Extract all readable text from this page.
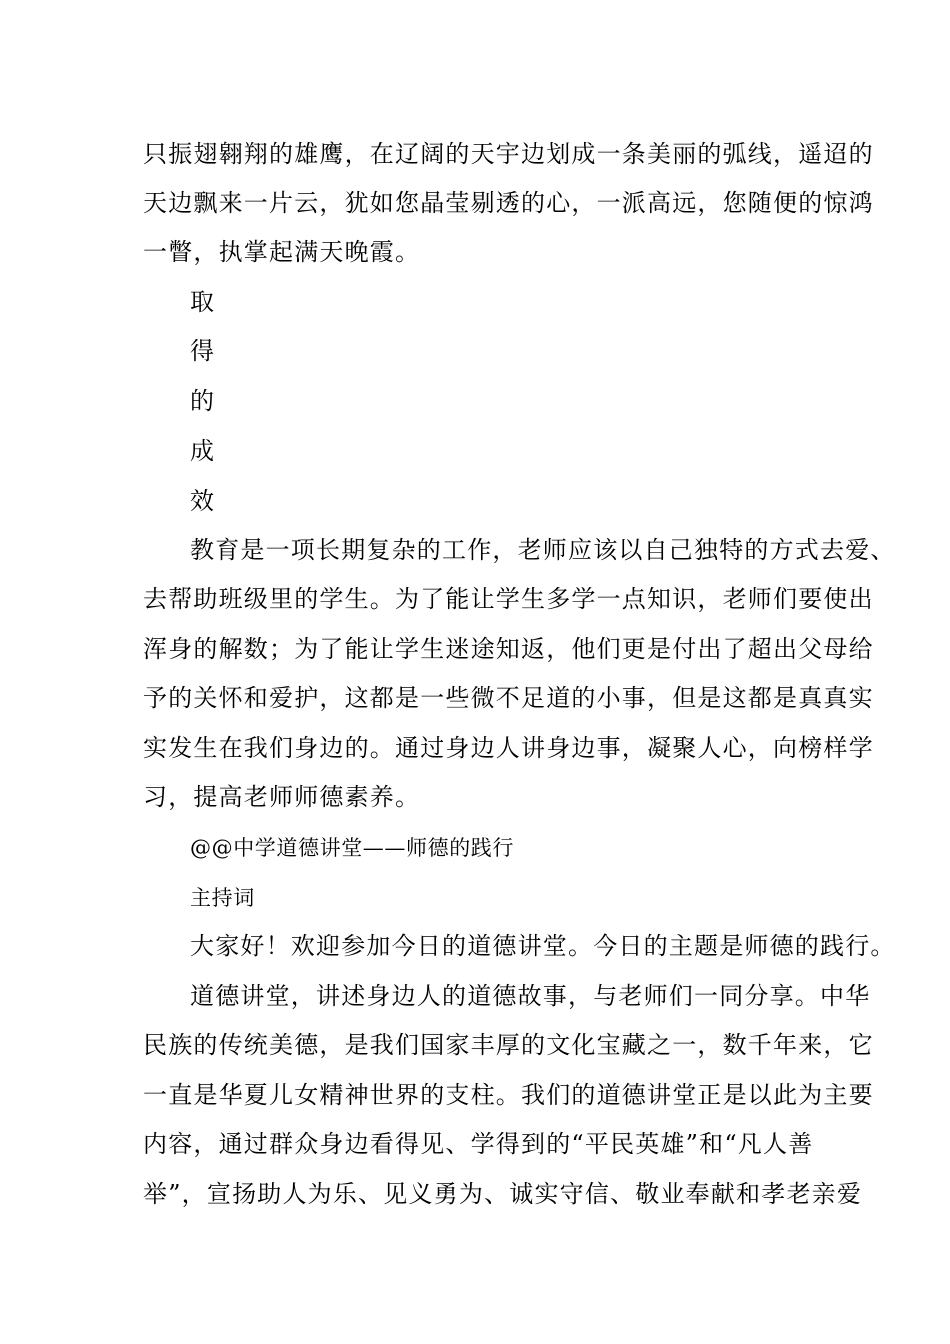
只振翅翱翔的雄鹰，在辽阔的天宇边划成一条美丽的弧线，遥迢的
天边飘来一片云，犹如您晶莹剔透的心，一派高远，您随便的惊鸿
一瞥，执掌起满天晚霞。
取
得
的
成
效
教育是一项长期复杂的工作，老师应该以自己独特的方式去爱、
去帮助班级里的学生。为了能让学生多学一点知识，老师们要使出
浑身的解数；为了能让学生迷途知返，他们更是付出了超出父母给
予的关怀和爱护，这都是一些微不足道的小事，但是这都是真真实
实发生在我们身边的。通过身边人讲身边事，凝聚人心，向榜样学
习，提高老师师德素养。
@@中学道德讲堂——师德的践行
主持词
大家好！欢迎参加今日的道德讲堂。今日的主题是师德的践行。
道德讲堂，讲述身边人的道德故事，与老师们一同分享。中华
民族的传统美德，是我们国家丰厚的文化宝藏之一，数千年来，它
一直是华夏儿女精神世界的支柱。我们的道德讲堂正是以此为主要
内容，通过群众身边看得见、学得到的“平民英雄”和“凡人善
举”，宣扬助人为乐、见义勇为、诚实守信、敬业奉献和孝老亲爱
